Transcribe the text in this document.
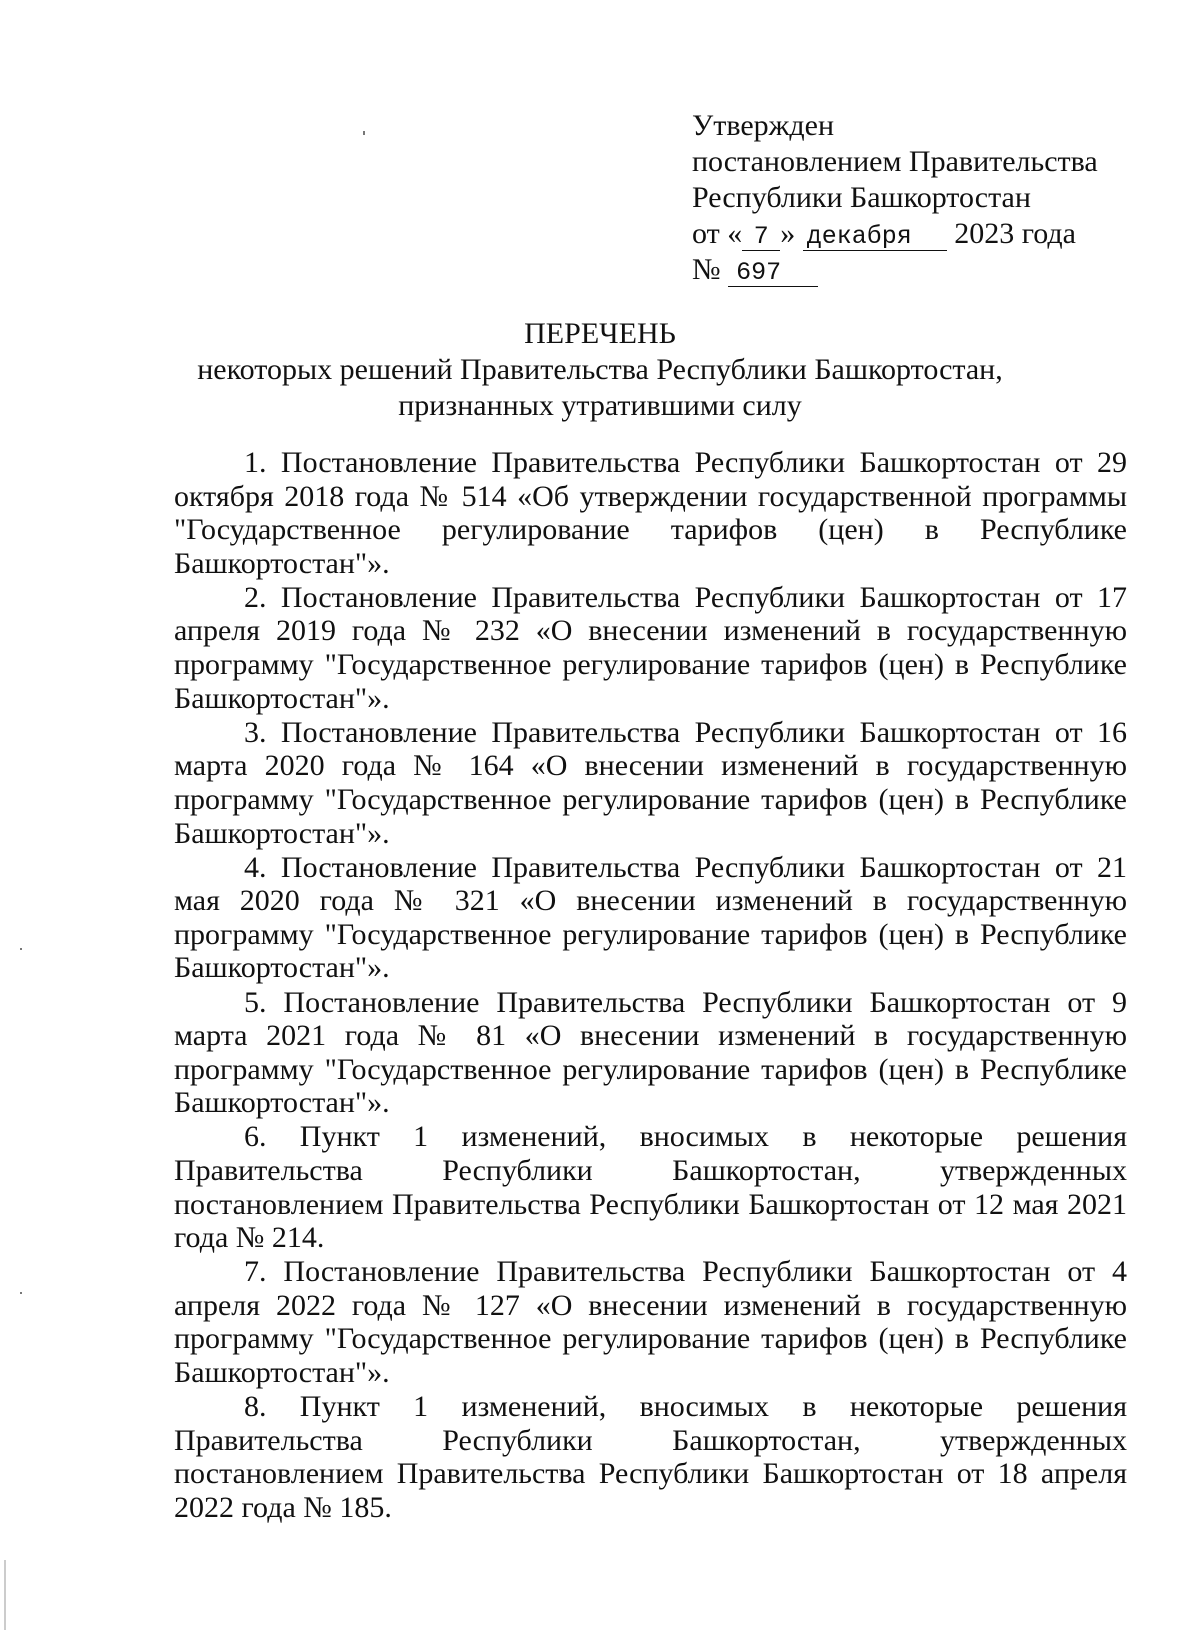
Утвержден
постановлением Правительства
Республики Башкортостан
от « 7 » декабря 2023 года
№ 697
ПЕРЕЧЕНЬ
некоторых решений Правительства Республики Башкортостан,
признанных утратившими силу

1. Постановление Правительства Республики Башкортостан от 29 октября 2018 года № 514 «Об утверждении государственной программы "Государственное регулирование тарифов (цен) в Республике Башкортостан"».

2. Постановление Правительства Республики Башкортостан от 17 апреля 2019 года № 232 «О внесении изменений в государственную программу "Государственное регулирование тарифов (цен) в Республике Башкортостан"».

3. Постановление Правительства Республики Башкортостан от 16 марта 2020 года № 164 «О внесении изменений в государственную программу "Государственное регулирование тарифов (цен) в Республике Башкортостан"».

4. Постановление Правительства Республики Башкортостан от 21 мая 2020 года № 321 «О внесении изменений в государственную программу "Государственное регулирование тарифов (цен) в Республике Башкортостан"».

5. Постановление Правительства Республики Башкортостан от 9 марта 2021 года № 81 «О внесении изменений в государственную программу "Государственное регулирование тарифов (цен) в Республике Башкортостан"».

6. Пункт 1 изменений, вносимых в некоторые решения Правительства Республики Башкортостан, утвержденных постановлением Правительства Республики Башкортостан от 12 мая 2021 года № 214.

7. Постановление Правительства Республики Башкортостан от 4 апреля 2022 года № 127 «О внесении изменений в государственную программу "Государственное регулирование тарифов (цен) в Республике Башкортостан"».

8. Пункт 1 изменений, вносимых в некоторые решения Правительства Республики Башкортостан, утвержденных постановлением Правительства Республики Башкортостан от 18 апреля 2022 года № 185.
